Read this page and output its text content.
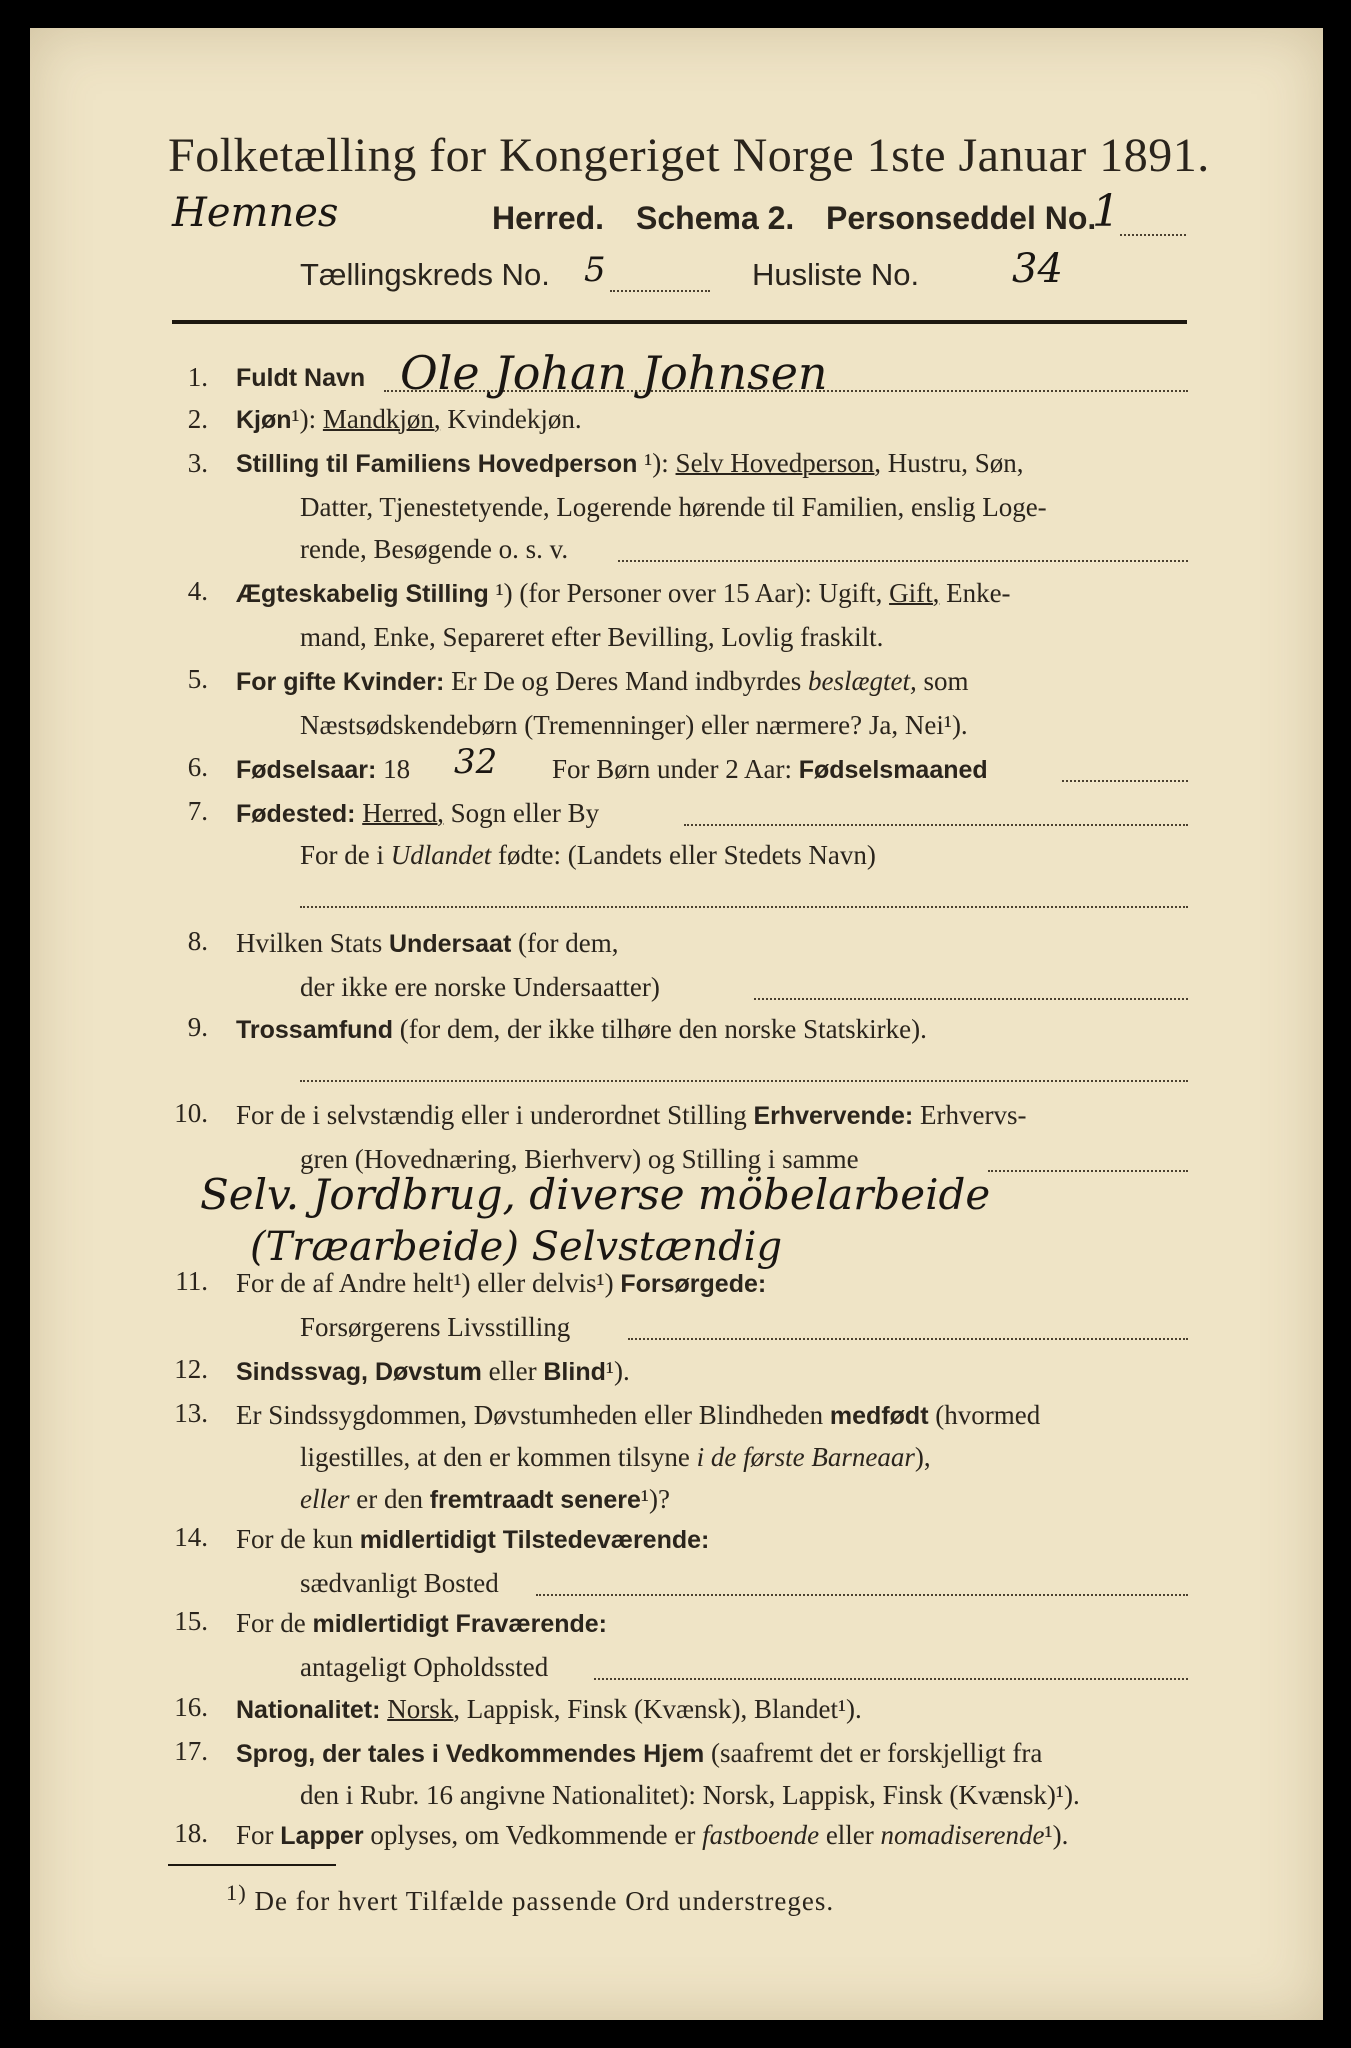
Folketælling for Kongeriget Norge 1ste Januar 1891.
Hemnes	Herred. Schema 2. Personseddel No.
1
Tællingskreds No. 5	Husliste No. 34
1.
2.
3.
4.
5.
6.
7.
8.
9.
10.
11.
12.
13.
14.
15.
16.
17.
18.
Fuldt Navn Ole Johan Johnsen
Kjøn¹): Mandkjøn, Kvindekjøn.
Stilling til Familiens Hovedperson ¹): Selv Hovedperson, Hustru, Søn,
Datter, Tjenestetyende, Logerende hørende til Familien, enslig Loge-
rende, Besøgende o. s. v.
Ægteskabelig Stilling ¹) (for Personer over 15 Aar): Ugift, Gift, Enke-
mand, Enke, Separeret efter Bevilling, Lovlig fraskilt.
For gifte Kvinder: Er De og Deres Mand indbyrdes beslægtet, som
Næstsødskendebørn (Tremenninger) eller nærmere? Ja, Nei¹).
Fødselsaar: 18 32 For Børn under 2 Aar: Fødselsmaaned
Fødested: Herred, Sogn eller By
For de i Udlandet fødte: (Landets eller Stedets Navn)
Hvilken Stats Undersaat (for dem,
der ikke ere norske Undersaatter)
Trossamfund (for dem, der ikke tilhøre den norske Statskirke).
For de i selvstændig eller i underordnet Stilling Erhvervende: Erhvervs-
gren (Hovednæring, Bierhverv) og Stilling i samme
Selv. Jordbrug, diverse möbelarbeide
(Træarbeide) Selvstændig
For de af Andre helt¹) eller delvis¹) Forsørgede:
Forsørgerens Livsstilling
Sindssvag, Døvstum eller Blind¹).
Er Sindssygdommen, Døvstumheden eller Blindheden medfødt (hvormed
ligestilles, at den er kommen tilsyne i de første Barneaar),
eller er den fremtraadt senere¹)?
For de kun midlertidigt Tilstedeværende:
sædvanligt Bosted
For de midlertidigt Fraværende:
antageligt Opholdssted
Nationalitet: Norsk, Lappisk, Finsk (Kvænsk), Blandet¹).
Sprog, der tales i Vedkommendes Hjem (saafremt det er forskjelligt fra
den i Rubr. 16 angivne Nationalitet): Norsk, Lappisk, Finsk (Kvænsk)¹).
For Lapper oplyses, om Vedkommende er fastboende eller nomadiserende¹).
$^{1)}$ De for hvert Tilfælde passende Ord understreges.
